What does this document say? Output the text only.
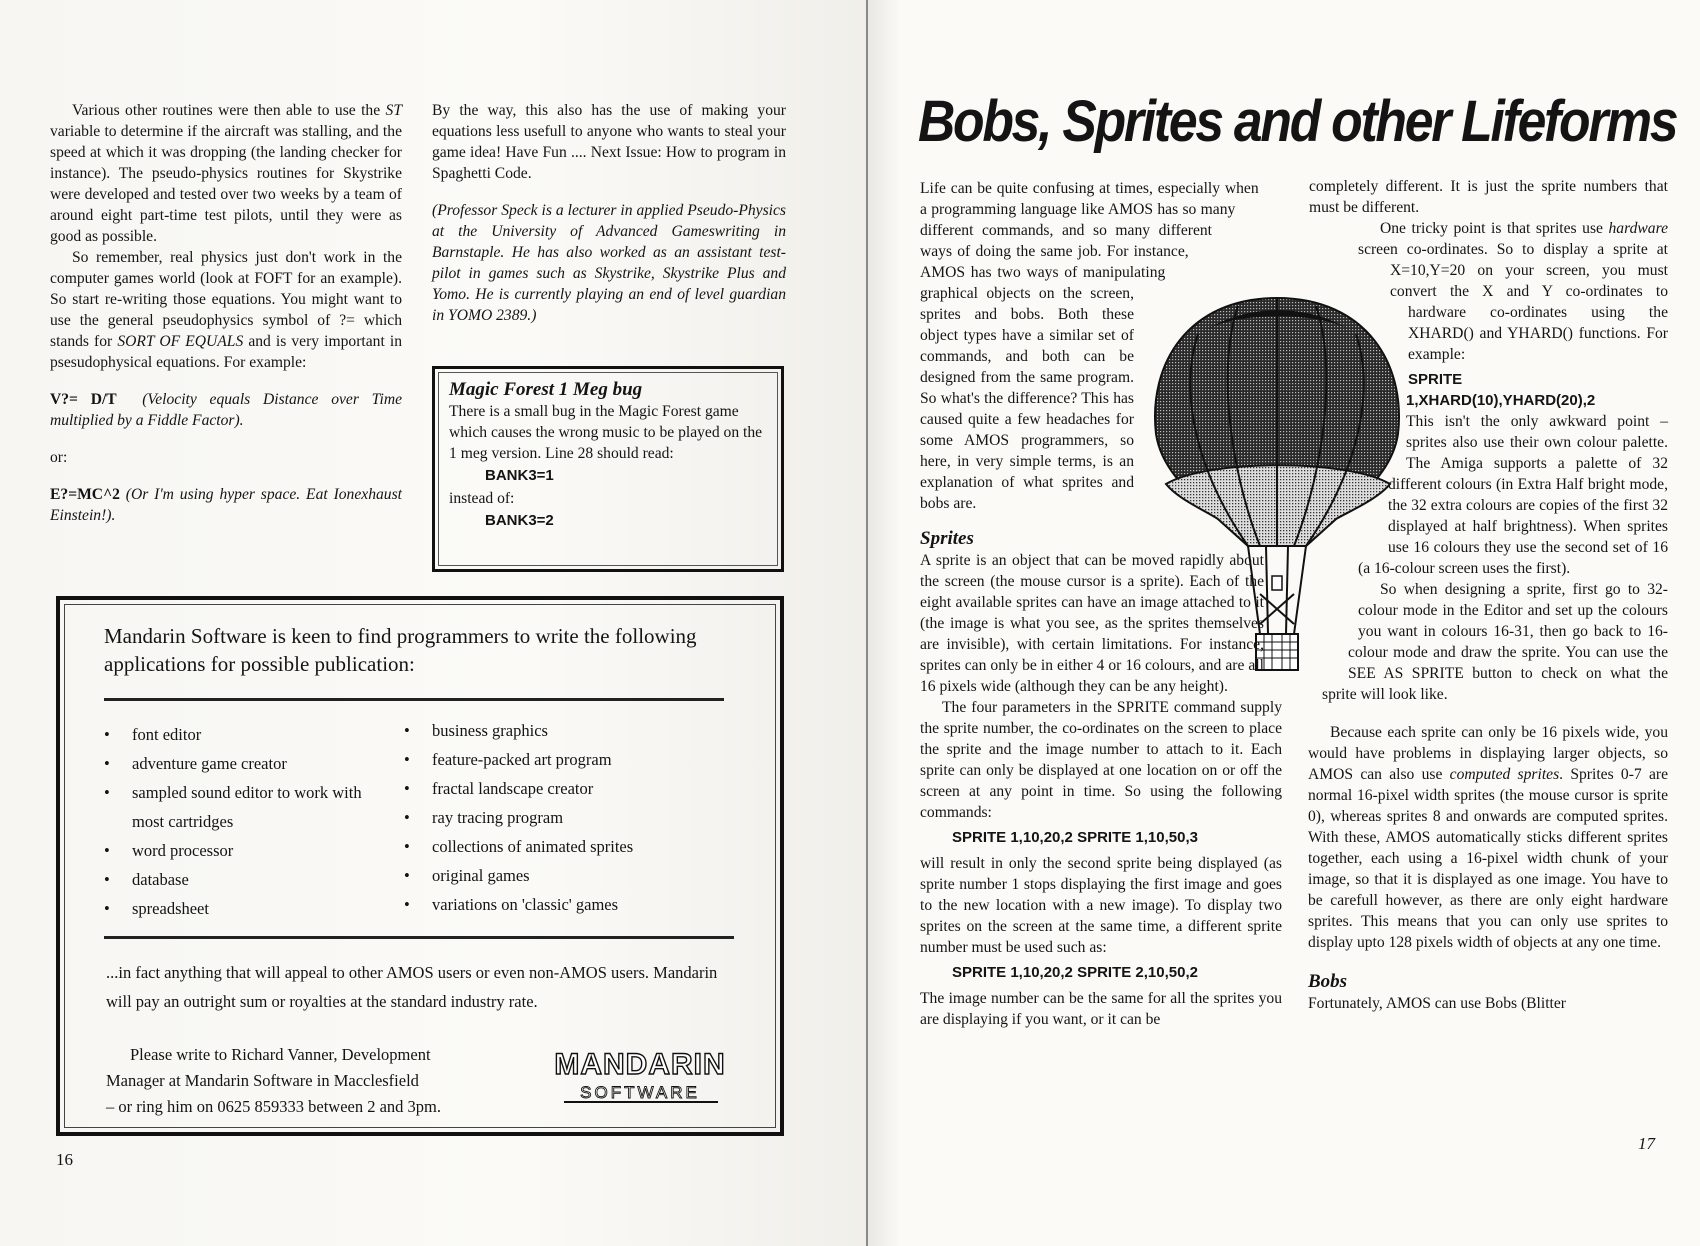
Various other routines were then able to use the ST variable to determine if the aircraft was stalling, and the speed at which it was dropping (the landing checker for instance). The pseudo-physics routines for Skystrike were developed and tested over two weeks by a team of around eight part-time test pilots, until they were as good as possible.

So remember, real physics just don't work in the computer games world (look at FOFT for an example). So start re-writing those equations. You might want to use the general pseudophysics symbol of ?= which stands for SORT OF EQUALS and is very important in psesudophysical equations. For example:

V?= D/T (Velocity equals Distance over Time multiplied by a Fiddle Factor).

or:

E?=MC^2 (Or I'm using hyper space. Eat Ionexhaust Einstein!).

By the way, this also has the use of making your equations less usefull to anyone who wants to steal your game idea! Have Fun .... Next Issue: How to program in Spaghetti Code.

(Professor Speck is a lecturer in applied Pseudo-Physics at the University of Advanced Gameswriting in Barnstaple. He has also worked as an assistant test-pilot in games such as Skystrike, Skystrike Plus and Yomo. He is currently playing an end of level guardian in YOMO 2389.)

Magic Forest 1 Meg bug

There is a small bug in the Magic Forest game which causes the wrong music to be played on the 1 meg version. Line 28 should read:

BANK3=1

instead of:

BANK3=2
Mandarin Software is keen to find programmers to write the following applications for possible publication:
• font editor
• adventure game creator
• sampled sound editor to work with
most cartridges
• word processor
• database
• spreadsheet
• business graphics
• feature-packed art program
• fractal landscape creator
• ray tracing program
• collections of animated sprites
• original games
• variations on 'classic' games
...in fact anything that will appeal to other AMOS users or even non-AMOS users. Mandarin will pay an outright sum or royalties at the standard industry rate.
Please write to Richard Vanner, Development
Manager at Mandarin Software in Macclesfield
– or ring him on 0625 859333 between 2 and 3pm.
MANDARIN
SOFTWARE
16
Bobs, Sprites and other Lifeforms

Life can be quite confusing at times, especially when a programming language like AMOS has so many different commands, and so many different ways of doing the same job. For instance, AMOS has two ways of manipulating graphical objects on the screen, sprites and bobs. Both these object types have a similar set of commands, and both can be designed from the same program. So what's the difference? This has caused quite a few headaches for some AMOS programmers, so here, in very simple terms, is an explanation of what sprites and bobs are.

Sprites

A sprite is an object that can be moved rapidly about the screen (the mouse cursor is a sprite). Each of the eight available sprites can have an image attached to it (the image is what you see, as the sprites themselves are invisible), with certain limitations. For instance, sprites can only be in either 4 or 16 colours, and are all 16 pixels wide (although they can be any height).

The four parameters in the SPRITE command supply the sprite number, the co-ordinates on the screen to place the sprite and the image number to attach to it. Each sprite can only be displayed at one location on or off the screen at any point in time. So using the following commands:

SPRITE 1,10,20,2 SPRITE 1,10,50,3

will result in only the second sprite being displayed (as sprite number 1 stops displaying the first image and goes to the new location with a new image). To display two sprites on the screen at the same time, a different sprite number must be used such as:

SPRITE 1,10,20,2 SPRITE 2,10,50,2

The image number can be the same for all the sprites you are displaying if you want, or it can be

completely different. It is just the sprite numbers that must be different.

One tricky point is that sprites use hardware screen co-ordinates. So to display a sprite at X=10,Y=20 on your screen, you must convert the X and Y co-ordinates to hardware co-ordinates using the XHARD() and YHARD() functions. For example:

SPRITE
1,XHARD(10),YHARD(20),2

This isn't the only awkward point – sprites also use their own colour palette. The Amiga supports a palette of 32 different colours (in Extra Half bright mode, the 32 extra colours are copies of the first 32 displayed at half brightness). When sprites use 16 colours they use the second set of 16 (a 16-colour screen uses the first).

So when designing a sprite, first go to 32-colour mode in the Editor and set up the colours you want in colours 16-31, then go back to 16-colour mode and draw the sprite. You can use the SEE AS SPRITE button to check on what the sprite will look like.

Because each sprite can only be 16 pixels wide, you would have problems in displaying larger objects, so AMOS can also use computed sprites. Sprites 0-7 are normal 16-pixel width sprites (the mouse cursor is sprite 0), whereas sprites 8 and onwards are computed sprites. With these, AMOS automatically sticks different sprites together, each using a 16-pixel width chunk of your image, so that it is displayed as one image. You have to be carefull however, as there are only eight hardware sprites. This means that you can only use sprites to display upto 128 pixels width of objects at any one time.

Bobs

Fortunately, AMOS can use Bobs (Blitter

17
